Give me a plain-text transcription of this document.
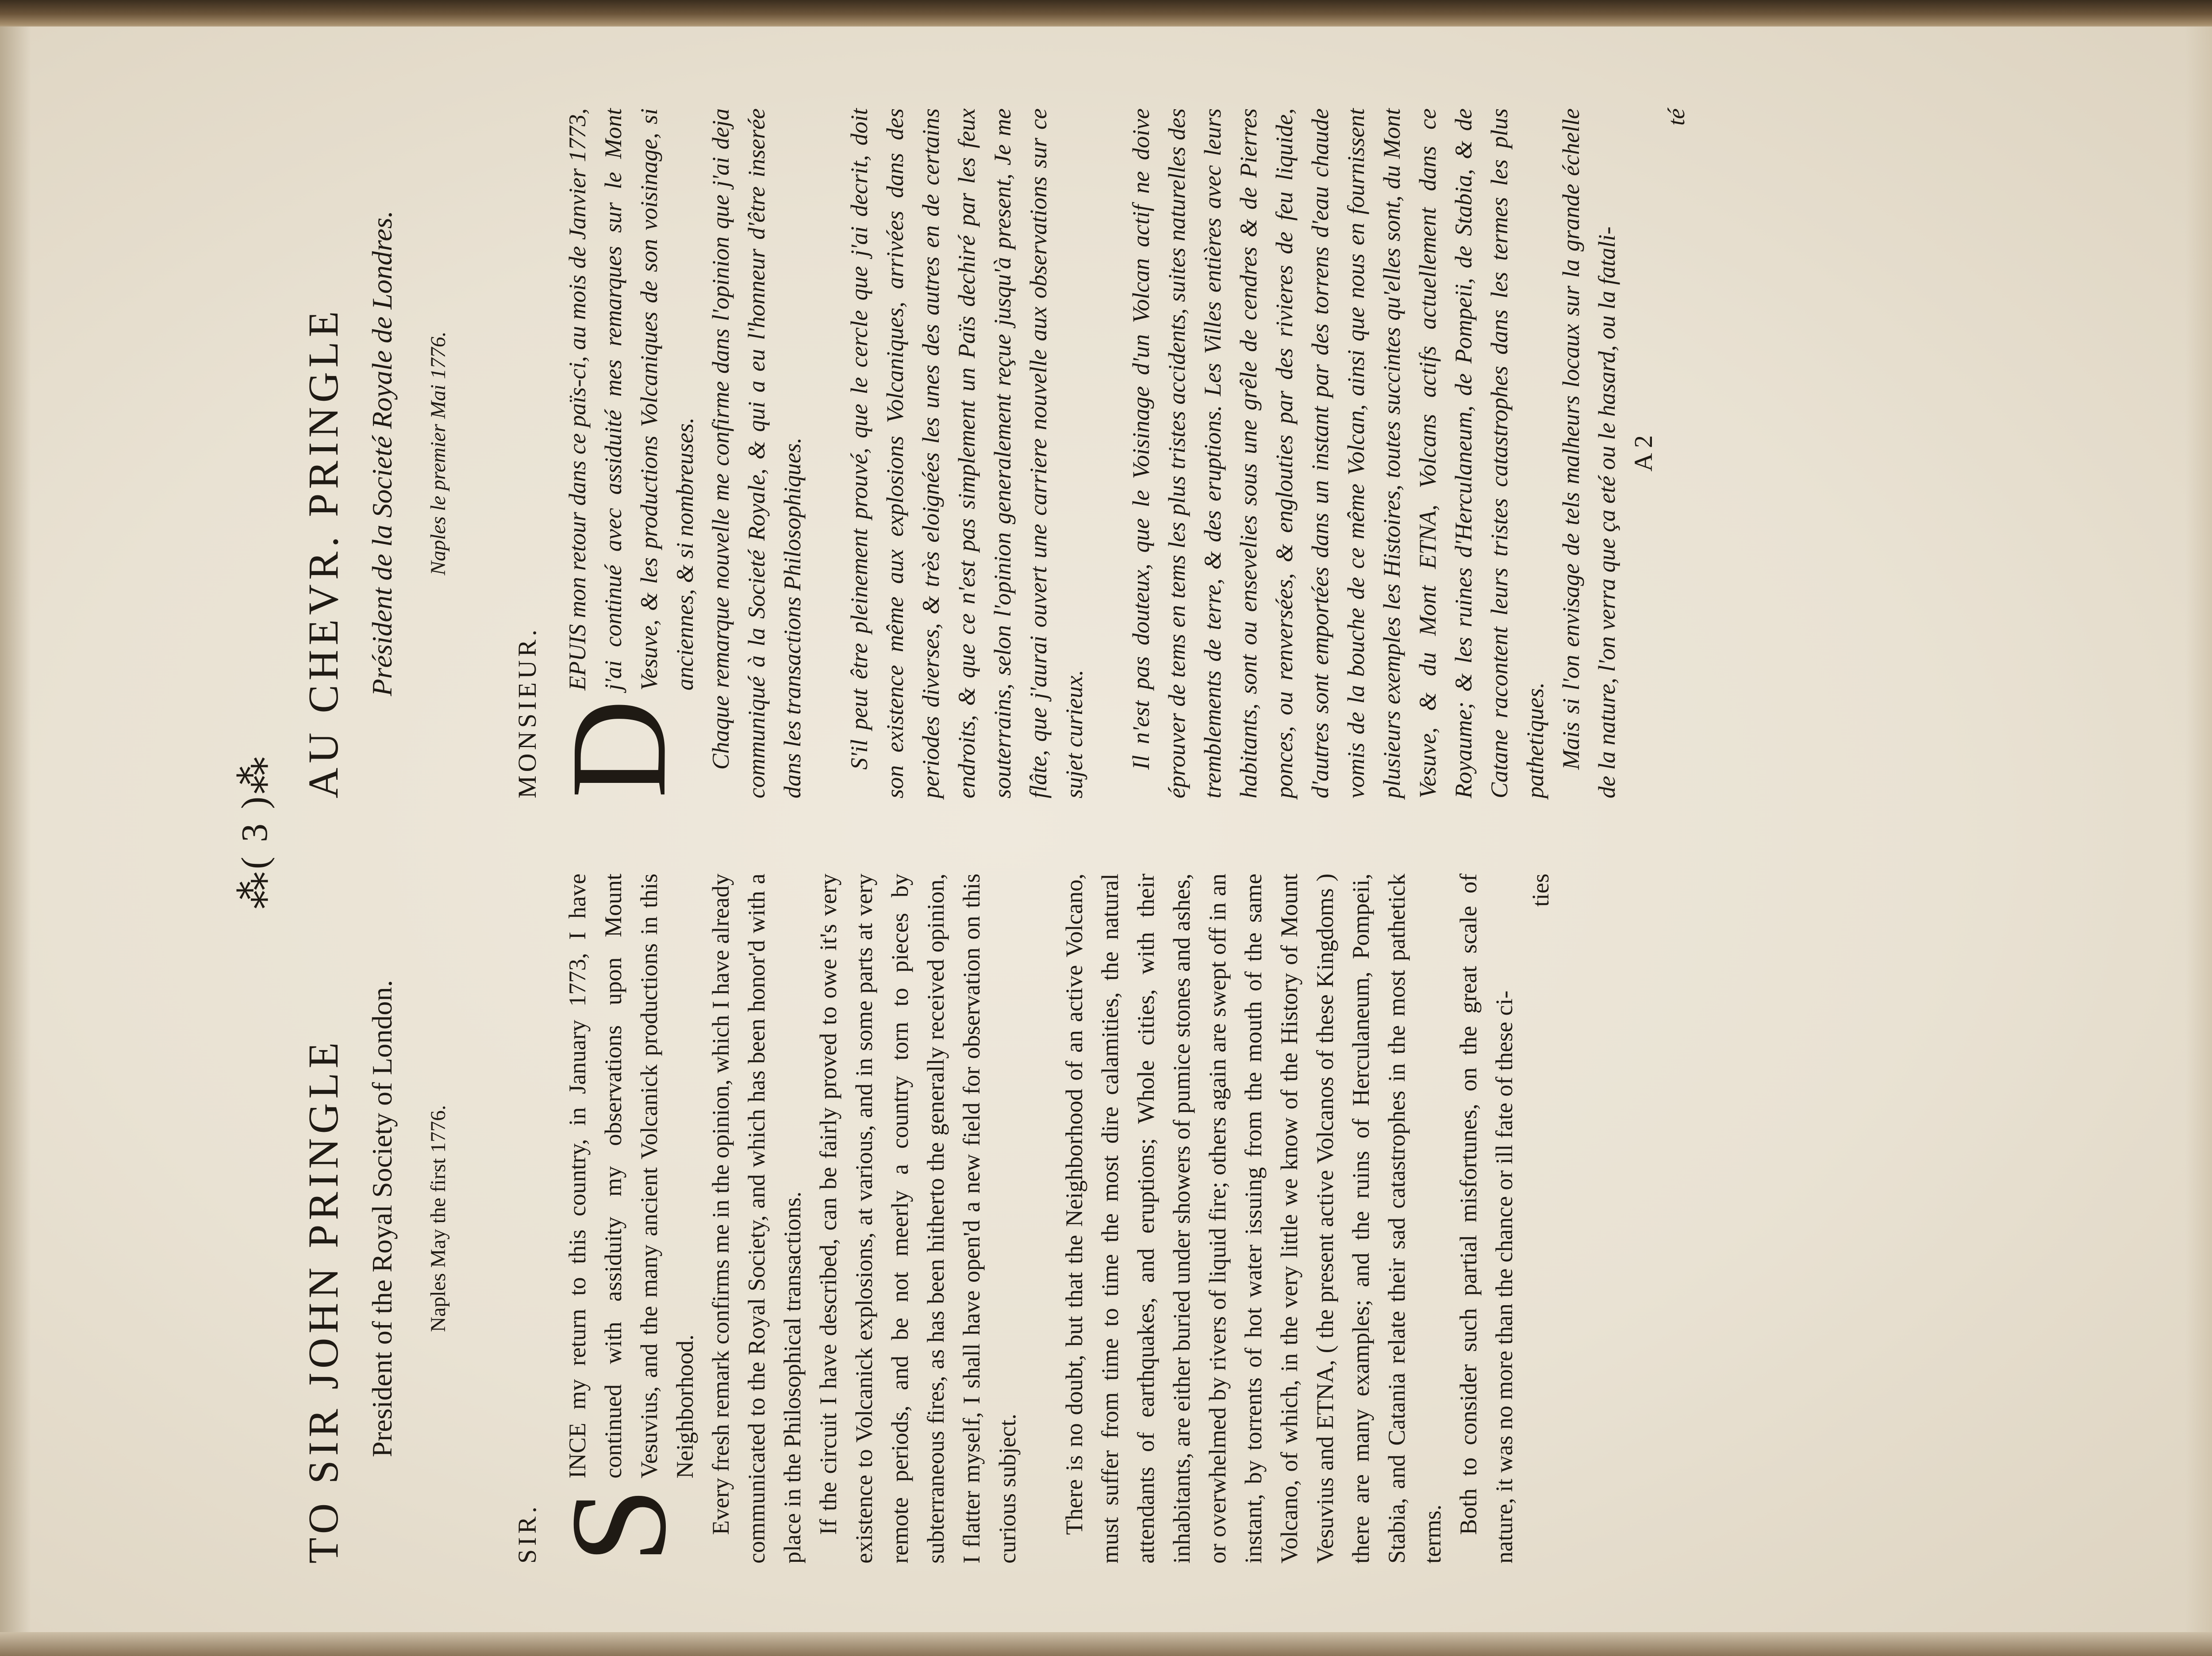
⁂( 3 )⁂
TO SIR JOHN PRINGLE President of the Royal Society of London. Naples May the first 1776.
SIR. S
INCE my return to this country, in January 1773, I have continued with assiduity my observations upon Mount Vesuvius, and the many ancient Volcanick productions in this Neighborhood. Every fresh remark confirms me in the opinion, which I have already communicated to the Royal Society, and which has been honor'd with a place in the Philosophical transactions. If the circuit I have described, can be fairly proved to owe it's very existence to Volcanick explosions, at various, and in some parts at very remote periods, and be not meerly a country torn to pieces by subterraneous fires, as has been hitherto the generally received opinion, I flatter myself, I shall have open'd a new field for observation on this curious subject. There is no doubt, but that the Neighborhood of an active Volcano, must suffer from time to time the most dire calamities, the natural attendants of earthquakes, and eruptions; Whole cities, with their inhabitants, are either buried under showers of pumice stones and ashes, or overwhelmed by rivers of liquid fire; others again are swept off in an instant, by torrents of hot water issuing from the mouth of the same Volcano, of which, in the very little we know of the History of Mount Vesuvius and ETNA, ( the present active Volcanos of these Kingdoms ) there are many examples; and the ruins of Herculaneum, Pompeii, Stabia, and Catania relate their sad catastrophes in the most pathetick terms. Both to consider such partial misfortunes, on the great scale of nature, it was no more than the chance or ill fate of these ci-

ties
AU CHEVR. PRINGLE Président de la Societé Royale de Londres. Naples le premier Mai 1776.
MONSIEUR. D
EPUIS mon retour dans ce païs-ci, au mois de Janvier 1773, j'ai continué avec assiduité mes remarques sur le Mont Vesuve, & les productions Volcaniques de son voisinage, si anciennes, & si nombreuses. Chaque remarque nouvelle me confirme dans l'opinion que j'ai deja communiqué à la Societé Royale, & qui a eu l'honneur d'être inserée dans les transactions Philosophiques. S'il peut être pleinement prouvé, que le cercle que j'ai decrit, doit son existence même aux explosions Volcaniques, arrivées dans des periodes diverses, & très eloignées les unes des autres en de certains endroits, & que ce n'est pas simplement un Païs dechiré par les feux souterrains, selon l'opinion generalement reçue jusqu'à present, Je me flâte, que j'aurai ouvert une carriere nouvelle aux observations sur ce sujet curieux. Il n'est pas douteux, que le Voisinage d'un Volcan actif ne doive éprouver de tems en tems les plus tristes accidents, suites naturelles des tremblements de terre, & des eruptions. Les Villes entières avec leurs habitants, sont ou ensevelies sous une grêle de cendres & de Pierres ponces, ou renversées, & englouties par des rivieres de feu liquide, d'autres sont emportées dans un instant par des torrens d'eau chaude vomis de la bouche de ce même Volcan, ainsi que nous en fournissent plusieurs exemples les Histoires, toutes succintes qu'elles sont, du Mont Vesuve, & du Mont ETNA, Volcans actifs actuellement dans ce Royaume; & les ruines d'Herculaneum, de Pompeii, de Stabia, & de Catane racontent leurs tristes catastrophes dans les termes les plus pathetiques. Mais si l'on envisage de tels malheurs locaux sur la grande échelle de la nature, l'on verra que ça eté ou le hasard, ou la fatali- A 2
té
